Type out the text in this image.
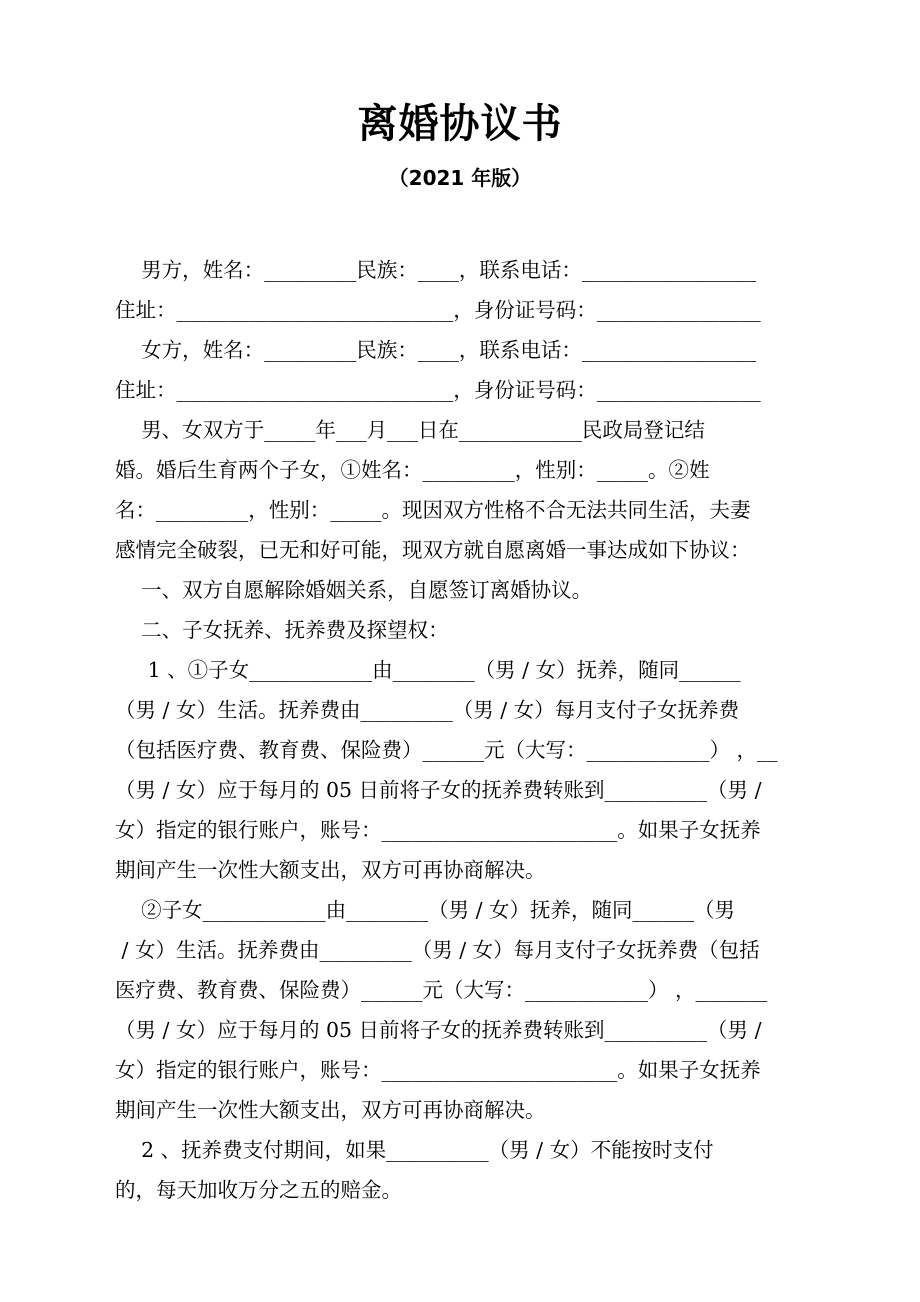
离婚协议书
（2021 年版）
男方，姓名：_________民族：____，联系电话：_________________
住址：___________________________，身份证号码：________________
女方，姓名：_________民族：____，联系电话：_________________
住址：___________________________，身份证号码：________________
男、女双方于_____年___月___日在____________民政局登记结
婚。婚后生育两个子女，①姓名：_________，性别：_____。②姓
名：_________，性别：_____。现因双方性格不合无法共同生活，夫妻
感情完全破裂，已无和好可能，现双方就自愿离婚一事达成如下协议：
一、双方自愿解除婚姻关系，自愿签订离婚协议。
二、子女抚养、抚养费及探望权：
1 、①子女____________由________（男 / 女）抚养，随同______
（男 / 女）生活。抚养费由_________（男 / 女）每月支付子女抚养费
（包括医疗费、教育费、保险费）______元（大写：____________） ，__
（男 / 女）应于每月的 05 日前将子女的抚养费转账到__________（男 /
女）指定的银行账户，账号：_______________________。如果子女抚养
期间产生一次性大额支出，双方可再协商解决。
②子女____________由________（男 / 女）抚养，随同______（男
/ 女）生活。抚养费由_________（男 / 女）每月支付子女抚养费（包括
医疗费、教育费、保险费）______元（大写：____________） ，_______
（男 / 女）应于每月的 05 日前将子女的抚养费转账到__________（男 /
女）指定的银行账户，账号：_______________________。如果子女抚养
期间产生一次性大额支出，双方可再协商解决。
2 、抚养费支付期间，如果__________（男 / 女）不能按时支付
的，每天加收万分之五的赔金。
